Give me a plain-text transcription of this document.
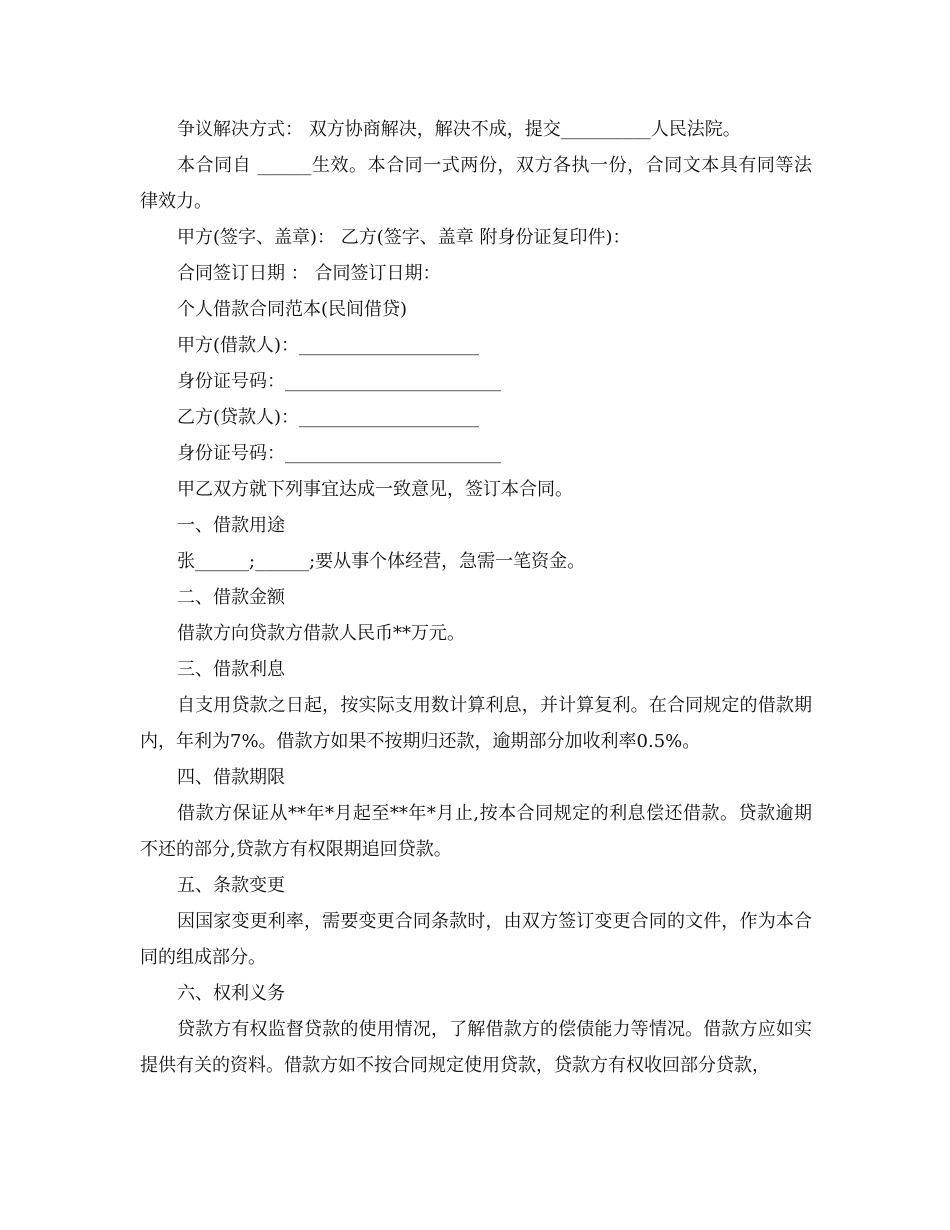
争议解决方式： 双方协商解决，解决不成，提交__________人民法院。

本合同自 ______生效。本合同一式两份，双方各执一份，合同文本具有同等法律效力。

甲方(签字、盖章)： 乙方(签字、盖章 附身份证复印件)：

合同签订日期 ： 合同签订日期：

个人借款合同范本(民间借贷)

甲方(借款人)：____________________

身份证号码：________________________

乙方(贷款人)：____________________

身份证号码：________________________

甲乙双方就下列事宜达成一致意见，签订本合同。

一、借款用途

张______;______;要从事个体经营，急需一笔资金。

二、借款金额

借款方向贷款方借款人民币**万元。

三、借款利息

自支用贷款之日起，按实际支用数计算利息，并计算复利。在合同规定的借款期内，年利为7%。借款方如果不按期归还款，逾期部分加收利率0.5%。

四、借款期限

借款方保证从**年*月起至**年*月止,按本合同规定的利息偿还借款。贷款逾期不还的部分,贷款方有权限期追回贷款。

五、条款变更

因国家变更利率，需要变更合同条款时，由双方签订变更合同的文件，作为本合同的组成部分。

六、权利义务

贷款方有权监督贷款的使用情况，了解借款方的偿债能力等情况。借款方应如实提供有关的资料。借款方如不按合同规定使用贷款，贷款方有权收回部分贷款，
